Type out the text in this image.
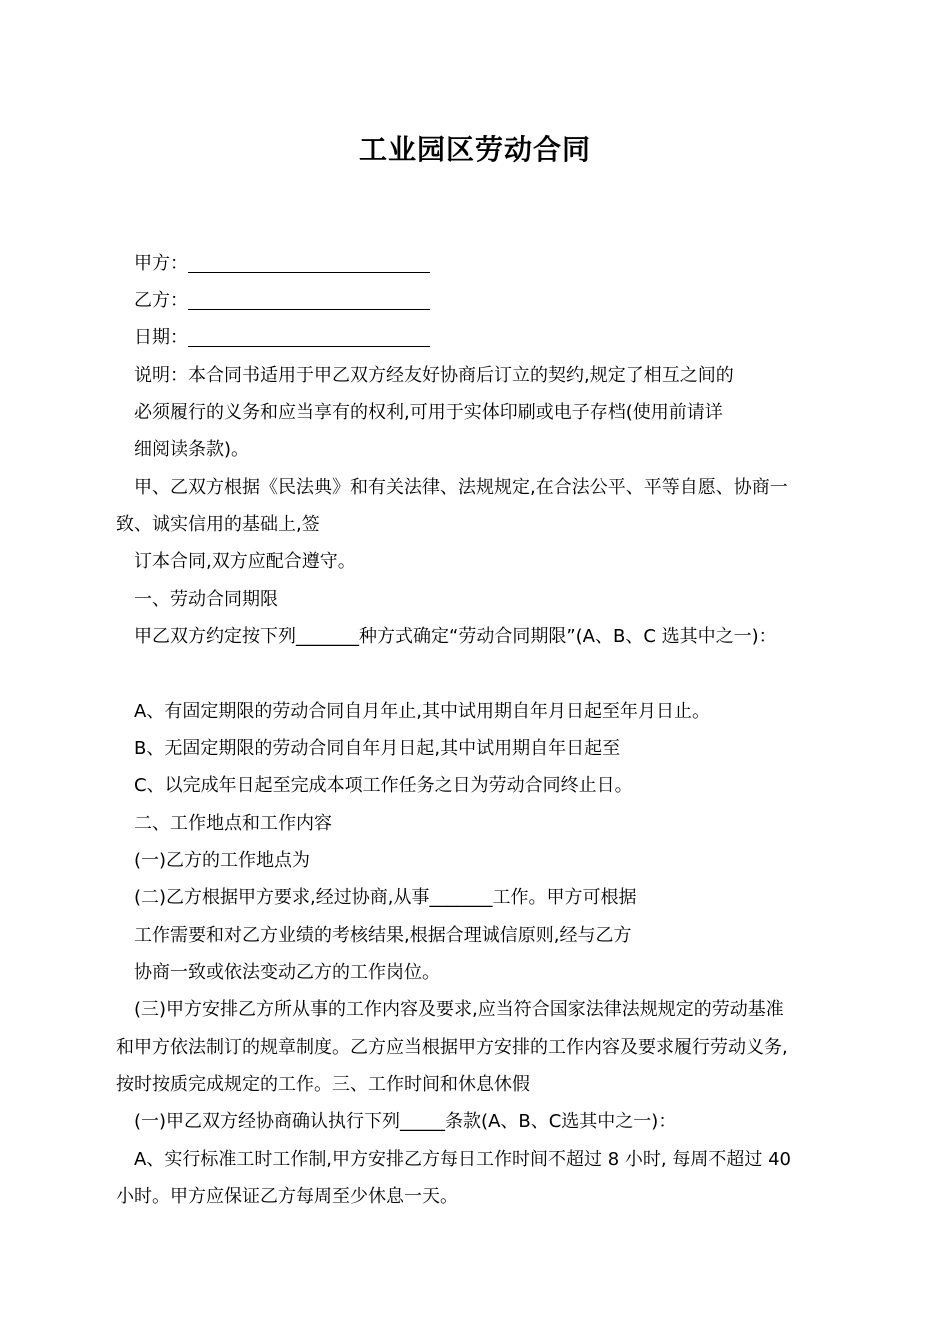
工业园区劳动合同
甲方：
乙方：
日期：
说明：本合同书适用于甲乙双方经友好协商后订立的契约,规定了相互之间的
必须履行的义务和应当享有的权利,可用于实体印刷或电子存档(使用前请详
细阅读条款)。
甲、乙双方根据《民法典》和有关法律、法规规定,在合法公平、平等自愿、协商一
致、诚实信用的基础上,签
订本合同,双方应配合遵守。
一、劳动合同期限
甲乙双方约定按下列_______种方式确定“劳动合同期限”(A、B、C 选其中之一)：
A、有固定期限的劳动合同自月年止,其中试用期自年月日起至年月日止。
B、无固定期限的劳动合同自年月日起,其中试用期自年日起至
C、以完成年日起至完成本项工作任务之日为劳动合同终止日。
二、工作地点和工作内容
(一)乙方的工作地点为
(二)乙方根据甲方要求,经过协商,从事_______工作。甲方可根据
工作需要和对乙方业绩的考核结果,根据合理诚信原则,经与乙方
协商一致或依法变动乙方的工作岗位。
(三)甲方安排乙方所从事的工作内容及要求,应当符合国家法律法规规定的劳动基准
和甲方依法制订的规章制度。乙方应当根据甲方安排的工作内容及要求履行劳动义务,
按时按质完成规定的工作。三、工作时间和休息休假
(一)甲乙双方经协商确认执行下列_____条款(A、B、C选其中之一)：
A、实行标准工时工作制,甲方安排乙方每日工作时间不超过 8 小时, 每周不超过 40
小时。甲方应保证乙方每周至少休息一天。
